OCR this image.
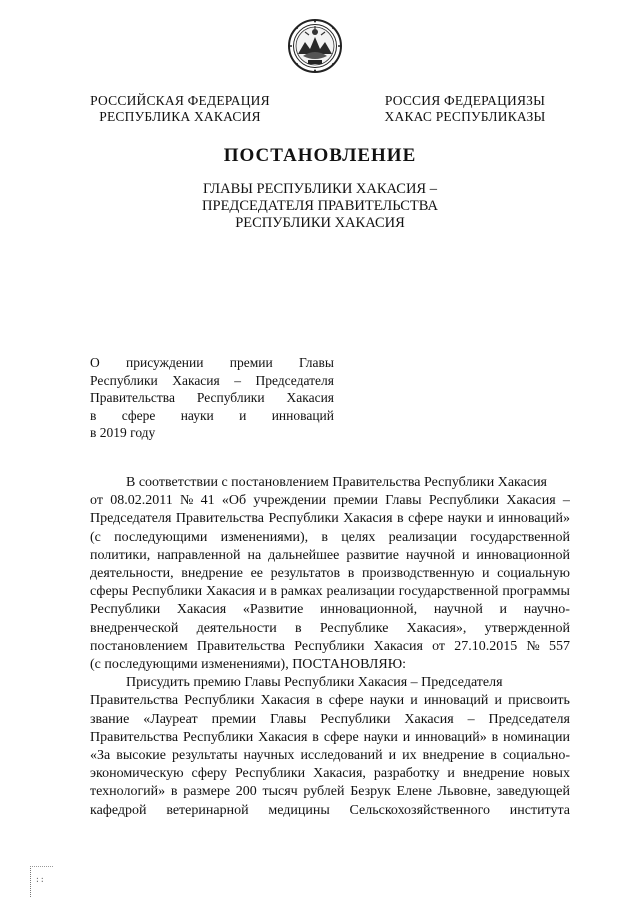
РОССИЙСКАЯ ФЕДЕРАЦИЯ
РЕСПУБЛИКА ХАКАСИЯ
РОССИЯ ФЕДЕРАЦИЯЗЫ
ХАКАС РЕСПУБЛИКАЗЫ
ПОСТАНОВЛЕНИЕ
ГЛАВЫ РЕСПУБЛИКИ ХАКАСИЯ –
ПРЕДСЕДАТЕЛЯ ПРАВИТЕЛЬСТВА
РЕСПУБЛИКИ ХАКАСИЯ
О присуждении премии Главы
Республики Хакасия – Председателя
Правительства Республики Хакасия
в сфере науки и инноваций
в 2019 году
В соответствии с постановлением Правительства Республики Хакасия
от 08.02.2011 № 41 «Об учреждении премии Главы Республики Хакасия –
Председателя Правительства Республики Хакасия в сфере науки и инноваций»
(с последующими изменениями), в целях реализации государственной
политики, направленной на дальнейшее развитие научной и инновационной
деятельности, внедрение ее результатов в производственную и социальную
сферы Республики Хакасия и в рамках реализации государственной программы
Республики Хакасия «Развитие инновационной, научной и научно-
внедренческой деятельности в Республике Хакасия», утвержденной
постановлением Правительства Республики Хакасия от 27.10.2015 № 557
(с последующими изменениями), ПОСТАНОВЛЯЮ:
Присудить премию Главы Республики Хакасия – Председателя
Правительства Республики Хакасия в сфере науки и инноваций и присвоить
звание «Лауреат премии Главы Республики Хакасия – Председателя
Правительства Республики Хакасия в сфере науки и инноваций» в номинации
«За высокие результаты научных исследований и их внедрение в социально-
экономическую сферу Республики Хакасия, разработку и внедрение новых
технологий» в размере 200 тысяч рублей Безрук Елене Львовне, заведующей
кафедрой ветеринарной медицины Сельскохозяйственного института
::
